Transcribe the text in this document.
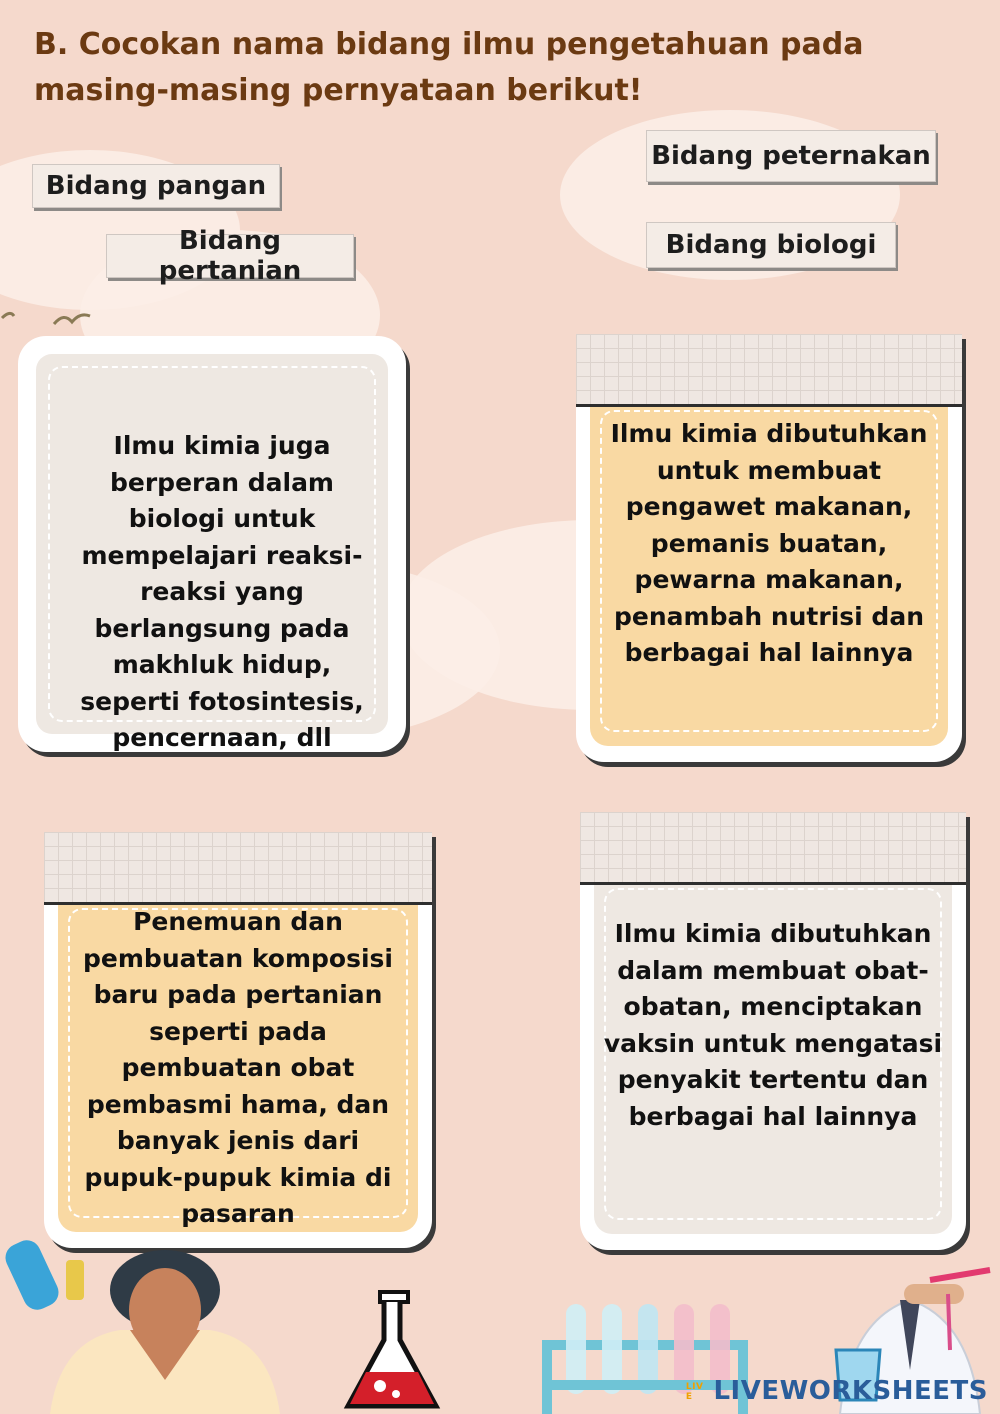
B. Cocokan nama bidang ilmu pengetahuan pada masing-masing pernyataan berikut!
Bidang pangan
Bidang pertanian
Bidang peternakan
Bidang biologi
Ilmu kimia juga berperan dalam biologi untuk mempelajari reaksi-reaksi yang berlangsung pada makhluk hidup, seperti fotosintesis, pencernaan, dll
Ilmu kimia dibutuhkan untuk membuat pengawet makanan, pemanis buatan, pewarna makanan, penambah nutrisi dan berbagai hal lainnya
Penemuan dan pembuatan komposisi baru pada pertanian seperti pada pembuatan obat pembasmi hama, dan banyak jenis dari pupuk-pupuk kimia di pasaran
Ilmu kimia dibutuhkan dalam membuat obat-obatan, menciptakan vaksin untuk mengatasi penyakit tertentu dan berbagai hal lainnya
LIVE LIVEWORKSHEETS
